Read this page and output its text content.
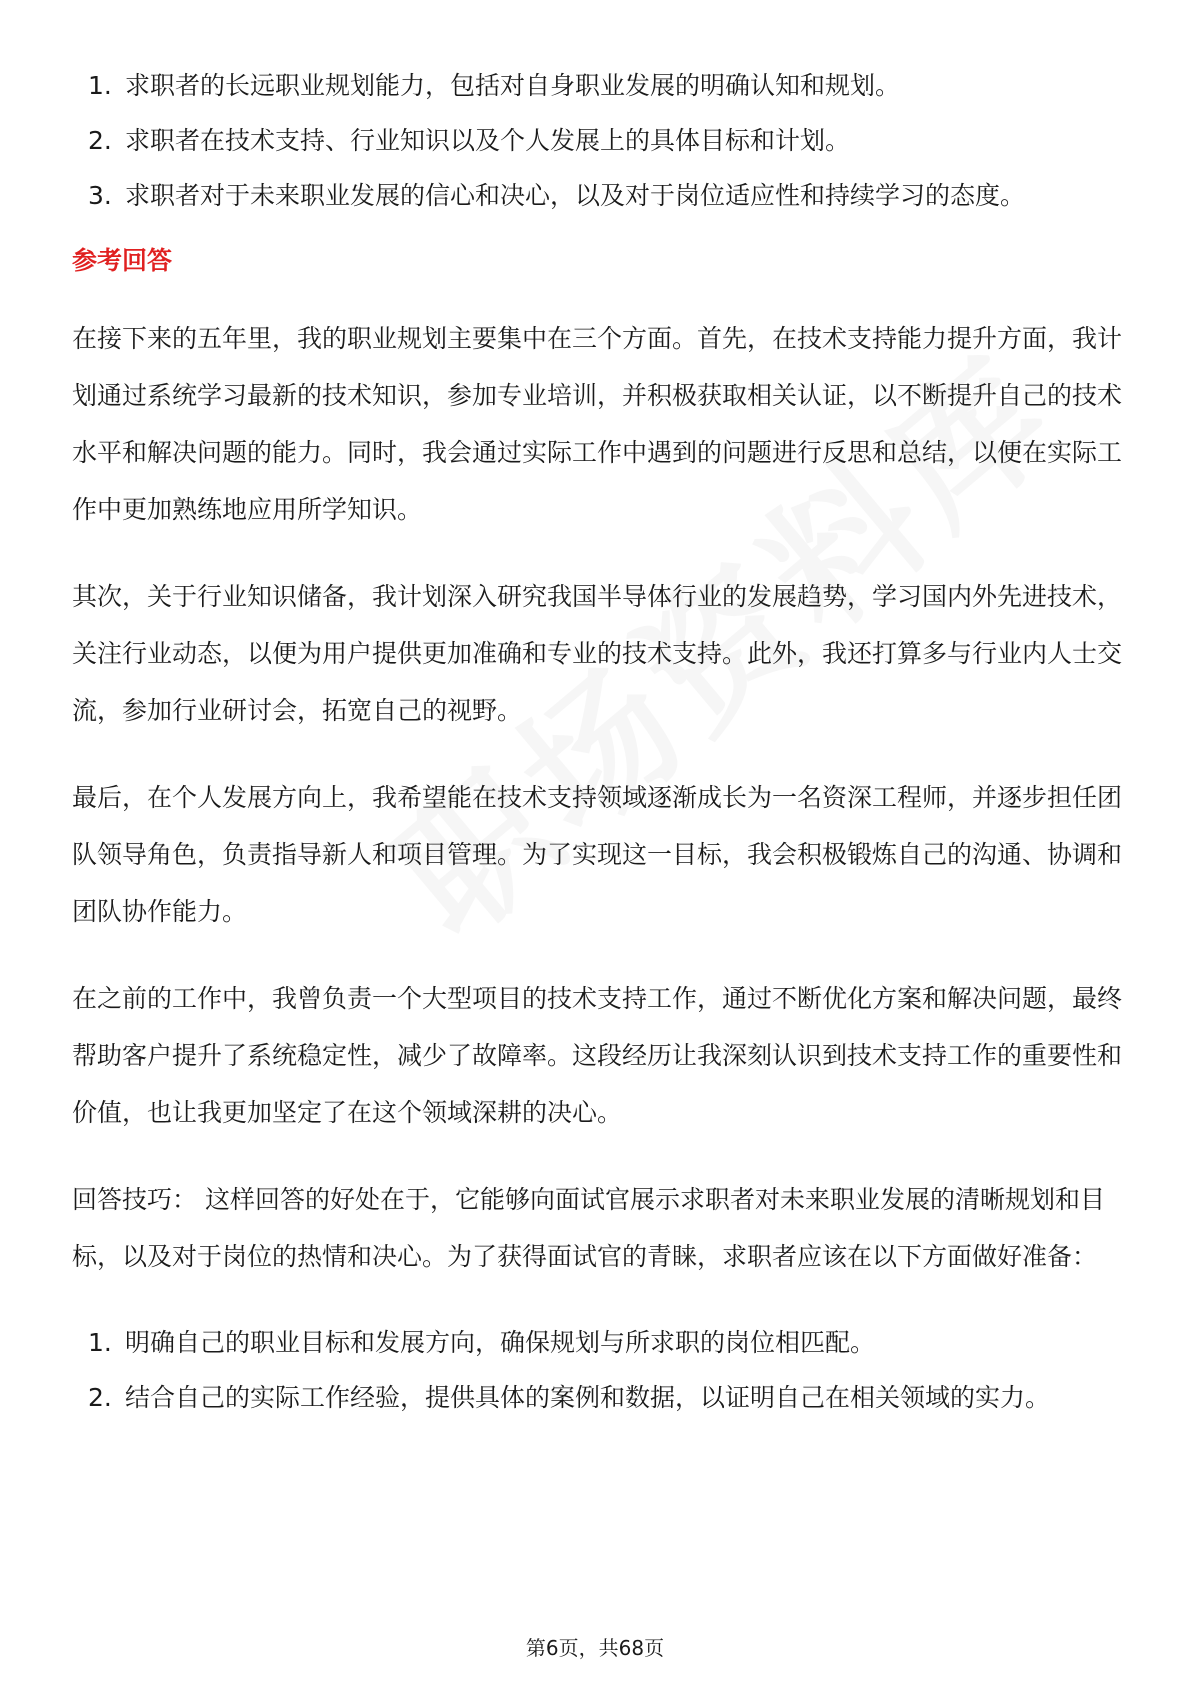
1. 求职者的长远职业规划能力，包括对自身职业发展的明确认知和规划。
2. 求职者在技术支持、行业知识以及个人发展上的具体目标和计划。
3. 求职者对于未来职业发展的信心和决心，以及对于岗位适应性和持续学习的态度。
参考回答

在接下来的五年里，我的职业规划主要集中在三个方面。首先，在技术支持能力提升方面，我计划通过系统学习最新的技术知识，参加专业培训，并积极获取相关认证，以不断提升自己的技术水平和解决问题的能力。同时，我会通过实际工作中遇到的问题进行反思和总结，以便在实际工作中更加熟练地应用所学知识。

其次，关于行业知识储备，我计划深入研究我国半导体行业的发展趋势，学习国内外先进技术，关注行业动态，以便为用户提供更加准确和专业的技术支持。此外，我还打算多与行业内人士交流，参加行业研讨会，拓宽自己的视野。

最后，在个人发展方向上，我希望能在技术支持领域逐渐成长为一名资深工程师，并逐步担任团队领导角色，负责指导新人和项目管理。为了实现这一目标，我会积极锻炼自己的沟通、协调和团队协作能力。

在之前的工作中，我曾负责一个大型项目的技术支持工作，通过不断优化方案和解决问题，最终帮助客户提升了系统稳定性，减少了故障率。这段经历让我深刻认识到技术支持工作的重要性和价值，也让我更加坚定了在这个领域深耕的决心。

回答技巧： 这样回答的好处在于，它能够向面试官展示求职者对未来职业发展的清晰规划和目标，以及对于岗位的热情和决心。为了获得面试官的青睐，求职者应该在以下方面做好准备：

1. 明确自己的职业目标和发展方向，确保规划与所求职的岗位相匹配。
2. 结合自己的实际工作经验，提供具体的案例和数据，以证明自己在相关领域的实力。
第6页，共68页
